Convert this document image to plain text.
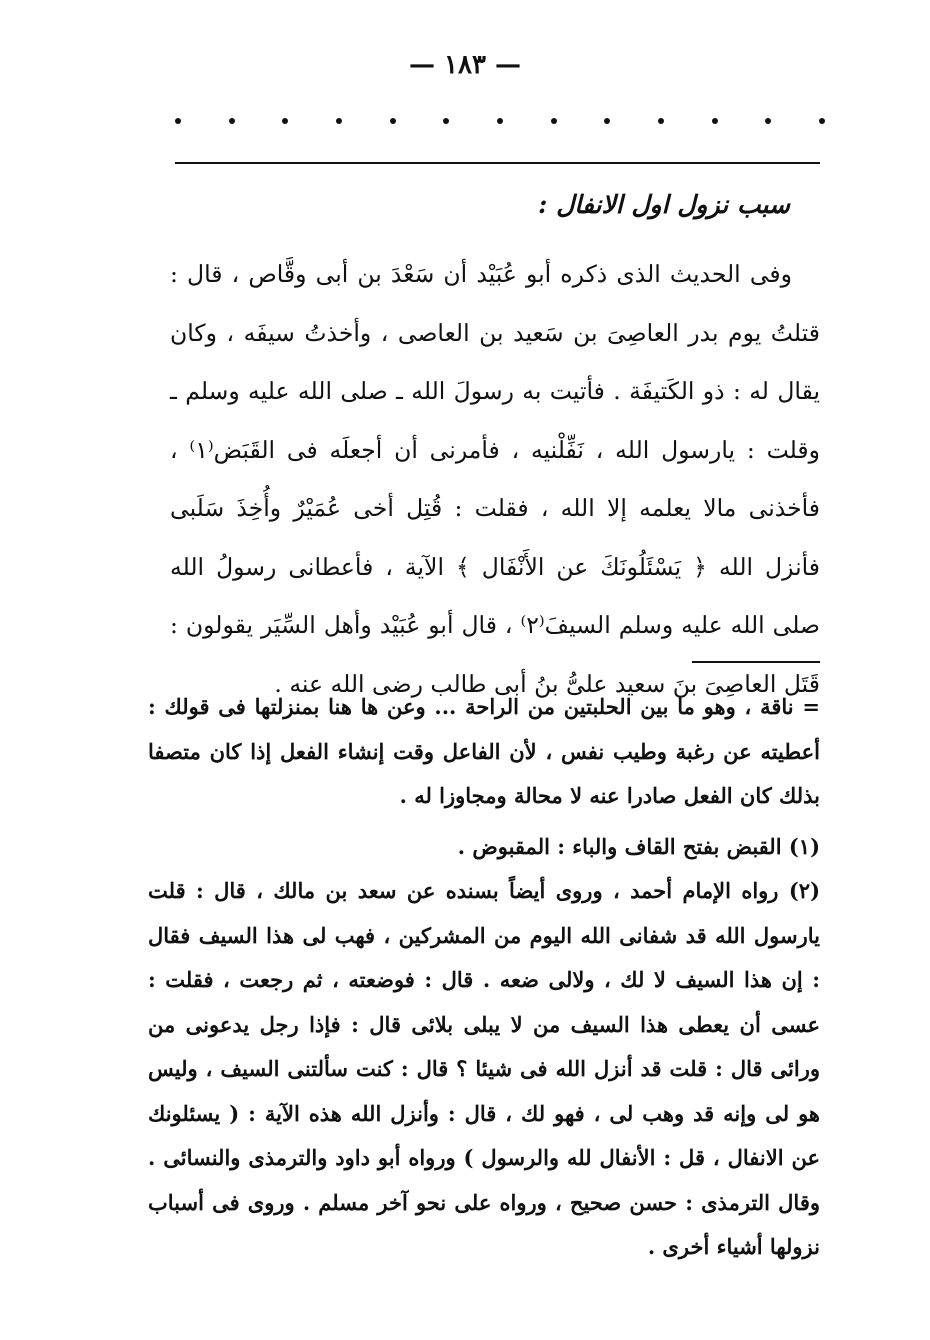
— ١٨٣ —
سبب نزول اول الانفال :

وفى الحديث الذى ذكره أبو عُبَيْد أن سَعْدَ بن أبى وقَّاص ، قال : قتلتُ يوم بدر العاصِىَ بن سَعيد بن العاصى ، وأخذتُ سيفَه ، وكان يقال له : ذو الكَتيفَة . فأتيت به رسولَ الله ـ صلى الله عليه وسلم ـ وقلت : يارسول الله ، نَفِّلْنيه ، فأمرنى أن أجعلَه فى القَبَض⁽١⁾ ، فأخذنى مالا يعلمه إلا الله ، فقلت : قُتِل أخى عُمَيْرٌ وأُخِذَ سَلَبى فأنزل الله ﴿ يَسْئَلُونَكَ عن الأَنْفَال ﴾ الآية ، فأعطانى رسولُ الله صلى الله عليه وسلم السيفَ⁽٢⁾ ، قال أبو عُبَيْد وأهل السِّيَر يقولون : قَتَل العاصِىَ بنَ سعيد علىُّ بنُ أبى طالب رضى الله عنه .

= ناقة ، وهو ما بين الحلبتين من الراحة ... وعن ها هنا بمنزلتها فى قولك : أعطيته عن رغبة وطيب نفس ، لأن الفاعل وقت إنشاء الفعل إذا كان متصفا بذلك كان الفعل صادرا عنه لا محالة ومجاوزا له .

(١) القبض بفتح القاف والباء : المقبوض .

(٢) رواه الإمام أحمد ، وروى أيضاً بسنده عن سعد بن مالك ، قال : قلت يارسول الله قد شفانى الله اليوم من المشركين ، فهب لى هذا السيف فقال : إن هذا السيف لا لك ، ولالى ضعه . قال : فوضعته ، ثم رجعت ، فقلت : عسى أن يعطى هذا السيف من لا يبلى بلائى قال : فإذا رجل يدعونى من ورائى قال : قلت قد أنزل الله فى شيئا ؟ قال : كنت سألتنى السيف ، وليس هو لى وإنه قد وهب لى ، فهو لك ، قال : وأنزل الله هذه الآية : ( يسئلونك عن الانفال ، قل : الأنفال لله والرسول ) ورواه أبو داود والترمذى والنسائى . وقال الترمذى : حسن صحيح ، ورواه على نحو آخر مسلم . وروى فى أسباب نزولها أشياء أخرى .
